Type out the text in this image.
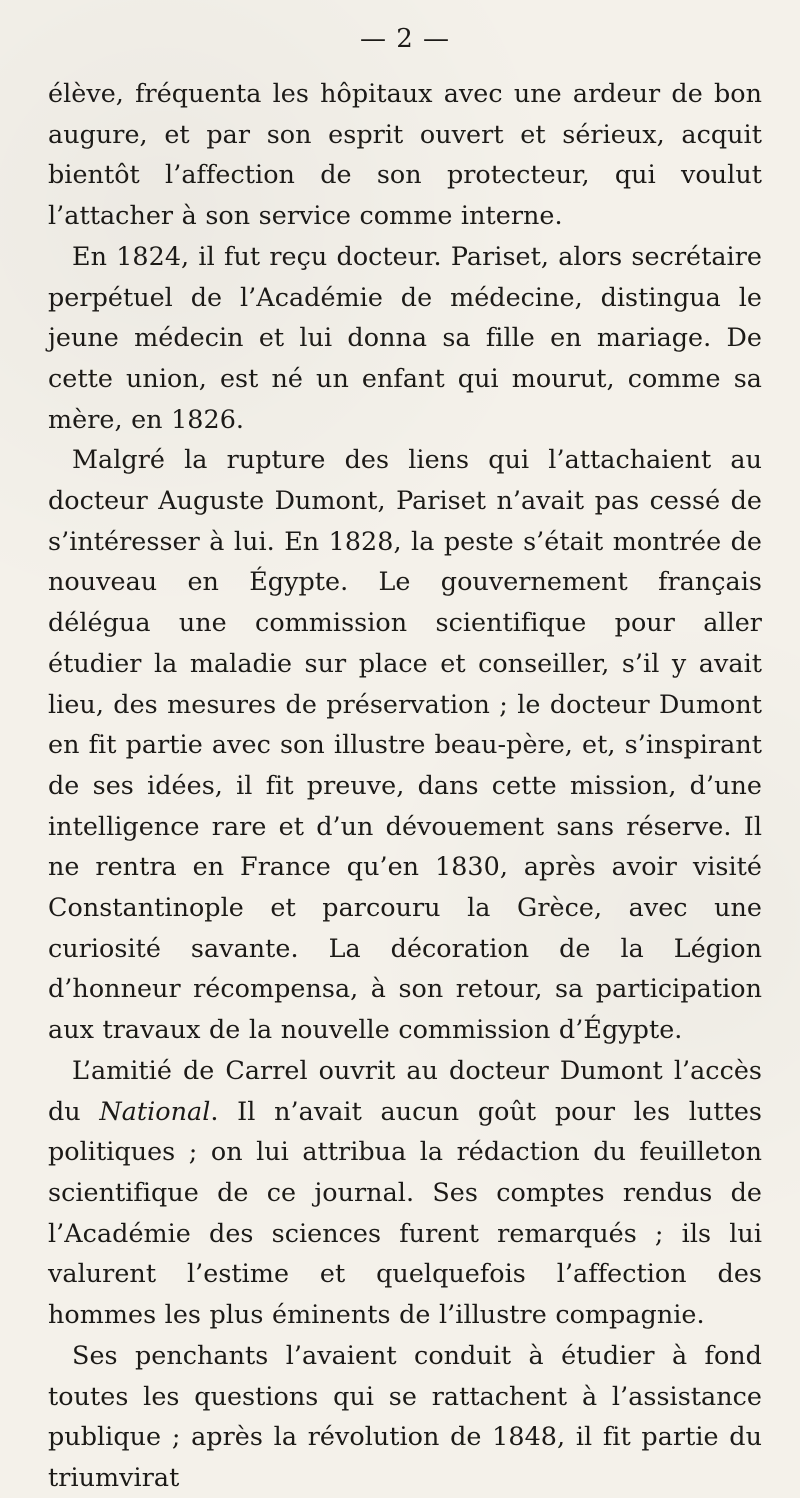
— 2 —

élève, fréquenta les hôpitaux avec une ardeur de bon augure, et par son esprit ouvert et sérieux, acquit bientôt l’affection de son protecteur, qui voulut l’attacher à son service comme interne.

En 1824, il fut reçu docteur. Pariset, alors secrétaire perpétuel de l’Académie de médecine, distingua le jeune médecin et lui donna sa fille en mariage. De cette union, est né un enfant qui mourut, comme sa mère, en 1826.

Malgré la rupture des liens qui l’attachaient au docteur Auguste Dumont, Pariset n’avait pas cessé de s’intéresser à lui. En 1828, la peste s’était montrée de nouveau en Égypte. Le gouvernement français délégua une commission scientifique pour aller étudier la maladie sur place et conseiller, s’il y avait lieu, des mesures de préservation ; le docteur Dumont en fit partie avec son illustre beau-père, et, s’inspirant de ses idées, il fit preuve, dans cette mission, d’une intelligence rare et d’un dévouement sans réserve. Il ne rentra en France qu’en 1830, après avoir visité Constantinople et parcouru la Grèce, avec une curiosité savante. La décoration de la Légion d’honneur récompensa, à son retour, sa participation aux travaux de la nouvelle commission d’Égypte.

L’amitié de Carrel ouvrit au docteur Dumont l’accès du National. Il n’avait aucun goût pour les luttes politiques ; on lui attribua la rédaction du feuilleton scientifique de ce journal. Ses comptes rendus de l’Académie des sciences furent remarqués ; ils lui valurent l’estime et quelquefois l’affection des hommes les plus éminents de l’illustre compagnie.

Ses penchants l’avaient conduit à étudier à fond toutes les questions qui se rattachent à l’assistance publique ; après la révolution de 1848, il fit partie du triumvirat
